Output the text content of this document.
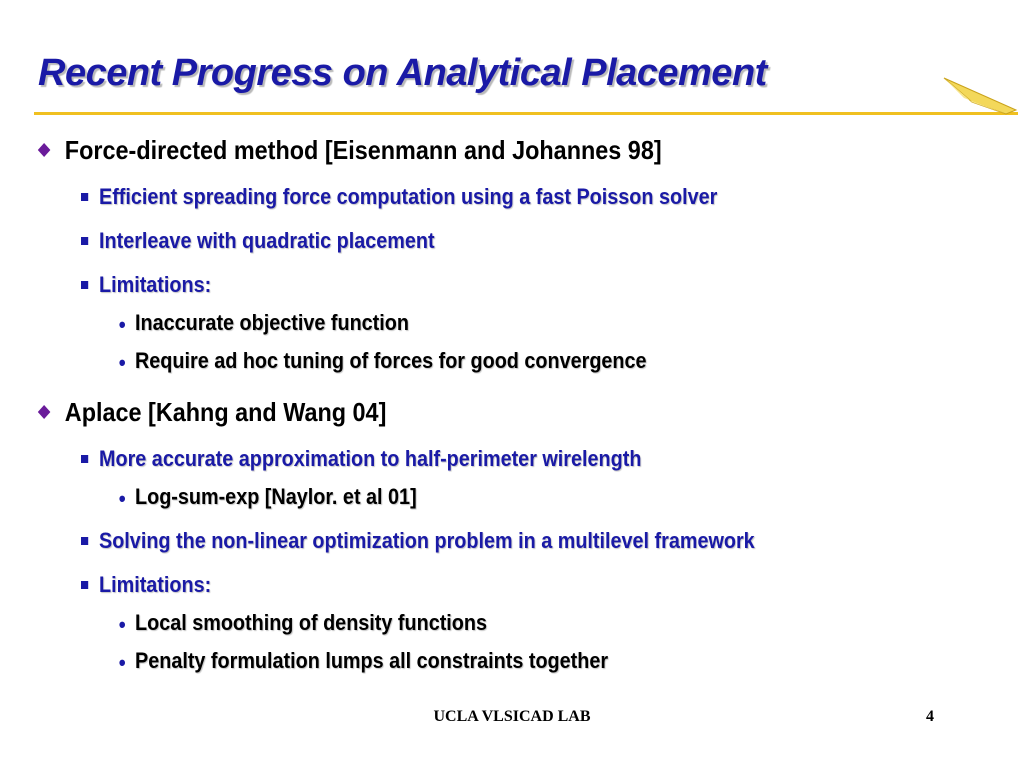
Recent Progress on Analytical Placement
Force-directed method [Eisenmann and Johannes 98]
Efficient spreading force computation using a fast Poisson solver
Interleave with quadratic placement
Limitations:
• Inaccurate objective function
• Require ad hoc tuning of forces for good convergence
Aplace [Kahng and Wang 04]
More accurate approximation to half-perimeter wirelength
• Log-sum-exp [Naylor. et al 01]
Solving the non-linear optimization problem in a multilevel framework
Limitations:
• Local smoothing of density functions
• Penalty formulation lumps all constraints together
UCLA VLSICAD LAB	4
